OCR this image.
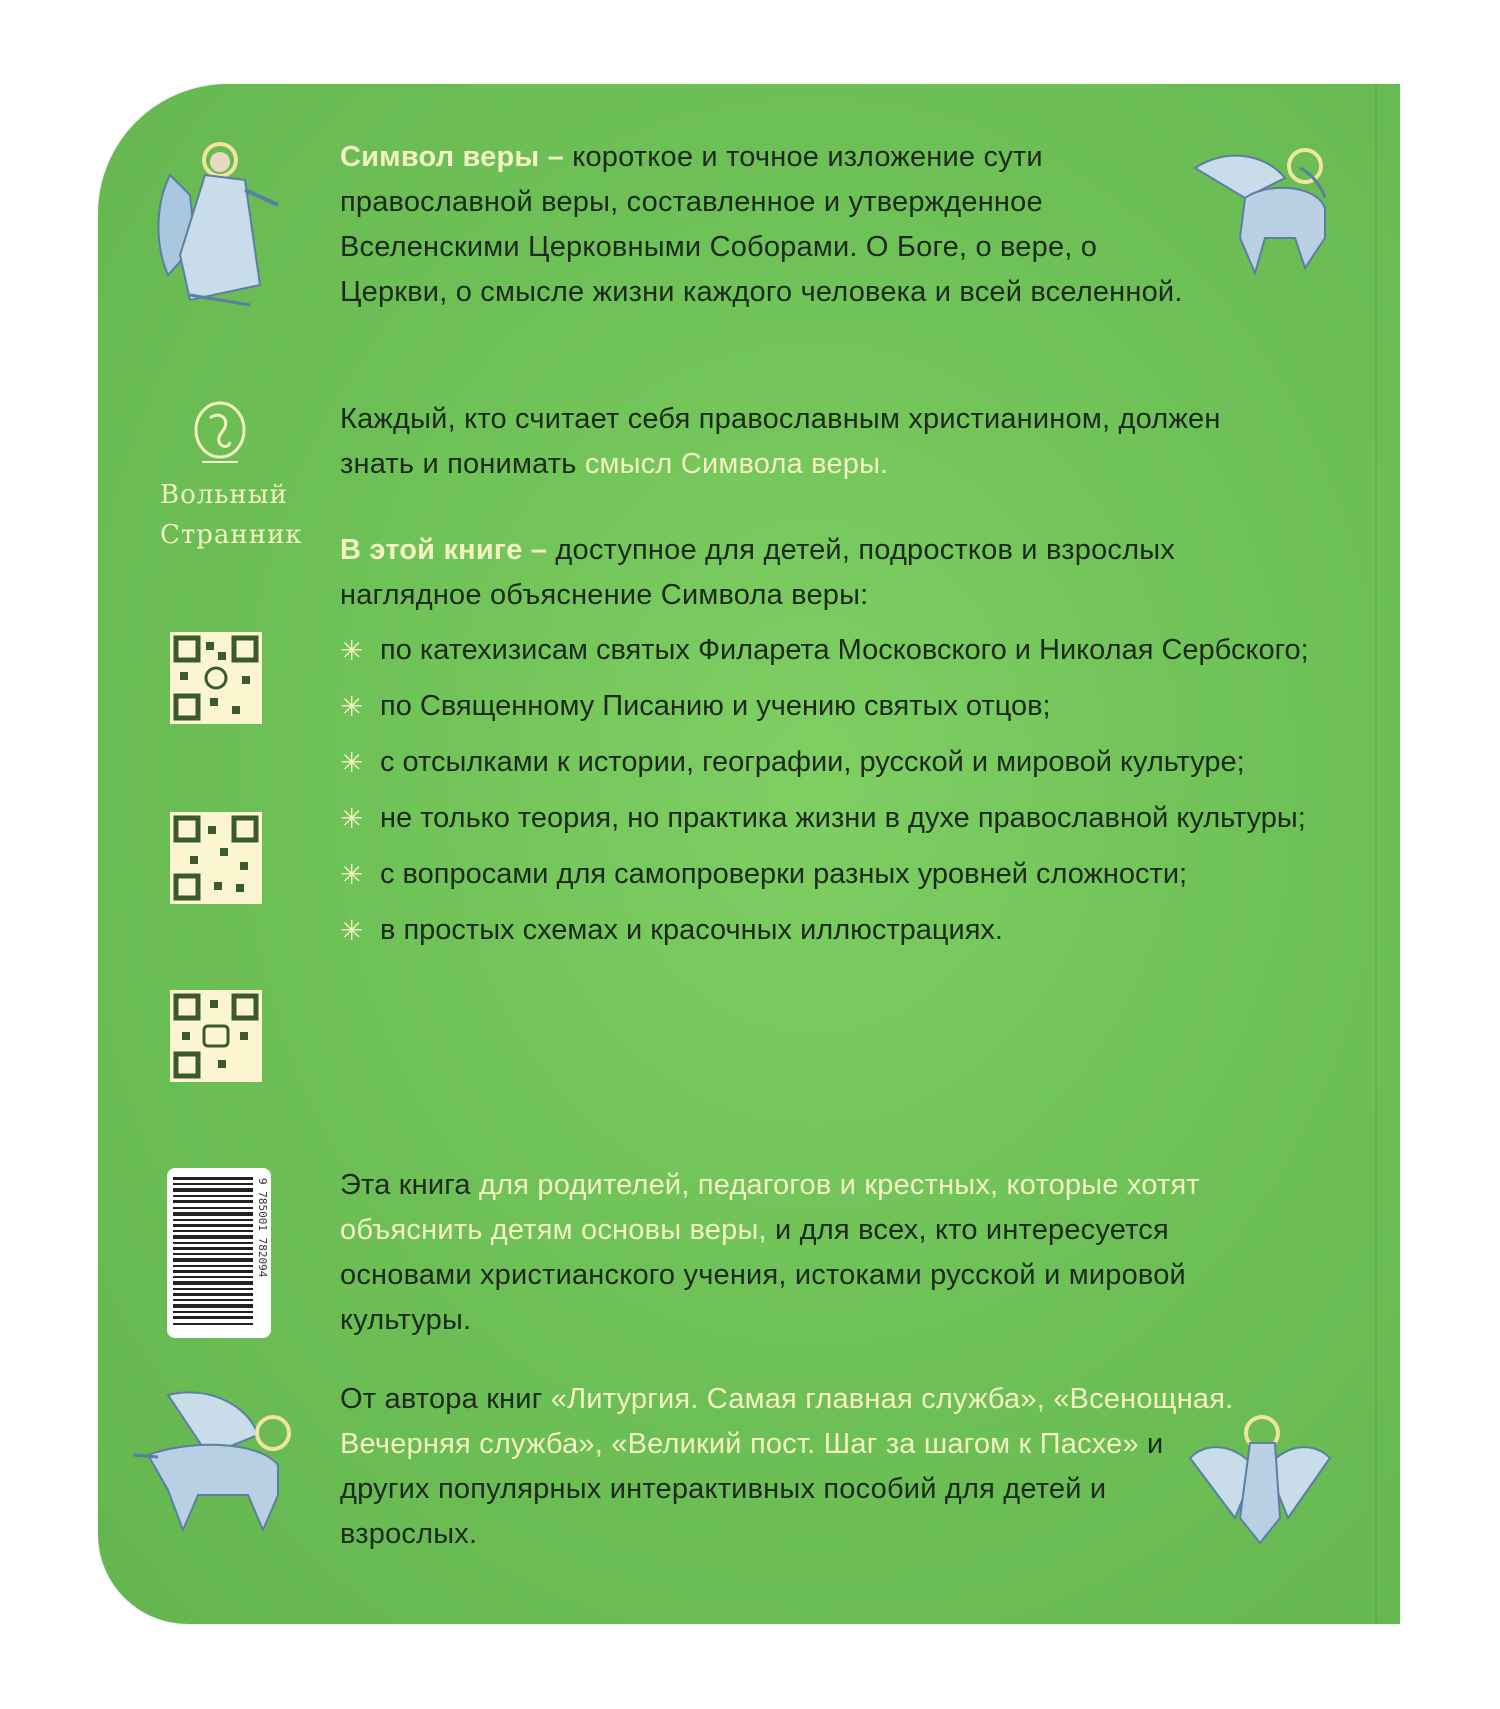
Вольный
Странник
9 785001 782094
Символ веры – короткое и точное изложение сути православной веры, составленное и утвержденное Вселенскими Церковными Соборами. О Боге, о вере, о Церкви, о смысле жизни каждого человека и всей вселенной.
Каждый, кто считает себя православным христианином, должен знать и понимать смысл Символа веры.
В этой книге – доступное для детей, подростков и взрослых наглядное объяснение Символа веры:
✳ по катехизисам святых Филарета Московского и Николая Сербского;
✳ по Священному Писанию и учению святых отцов;
✳ с отсылками к истории, географии, русской и мировой культуре;
✳ не только теория, но практика жизни в духе православной культуры;
✳ с вопросами для самопроверки разных уровней сложности;
✳ в простых схемах и красочных иллюстрациях.
Эта книга для родителей, педагогов и крестных, которые хотят объяснить детям основы веры, и для всех, кто интересуется основами христианского учения, истоками русской и мировой культуры.
От автора книг «Литургия. Самая главная служба», «Всенощная. Вечерняя служба», «Великий пост. Шаг за шагом к Пасхе» и других популярных интерактивных пособий для детей и взрослых.
